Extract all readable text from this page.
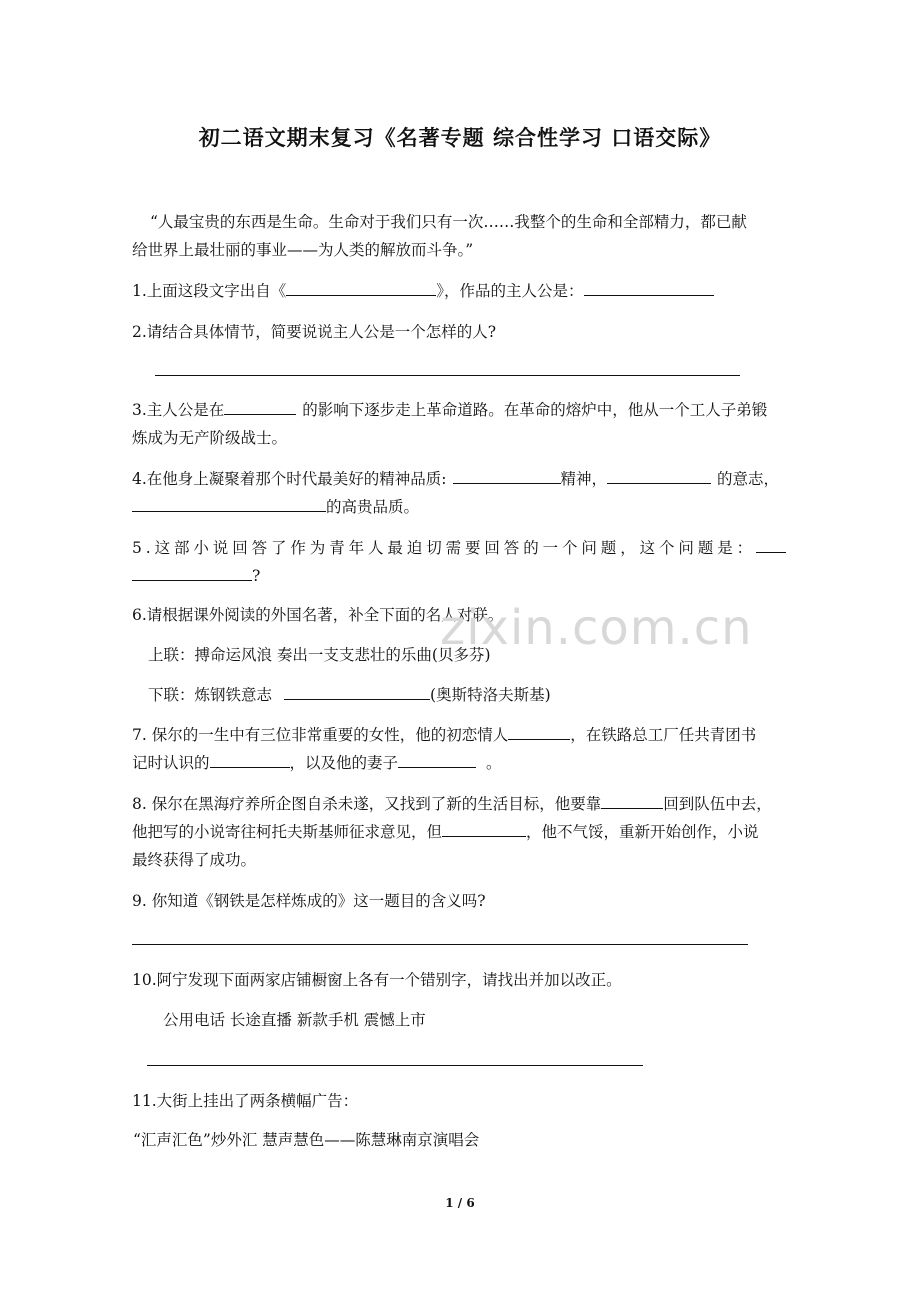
初二语文期末复习《名著专题 综合性学习 口语交际》
“人最宝贵的东西是生命。生命对于我们只有一次……我整个的生命和全部精力，都已献
给世界上最壮丽的事业——为人类的解放而斗争。”
1.上面这段文字出自《	》，作品的主人公是：
2.请结合具体情节，简要说说主人公是一个怎样的人?
3.主人公是在	的影响下逐步走上革命道路。在革命的熔炉中，他从一个工人子弟锻
炼成为无产阶级战士。
4.在他身上凝聚着那个时代最美好的精神品质:	精神，	的意志，
的高贵品质。
5.这部小说回答了作为青年人最迫切需要回答的一个问题，这个问题是：
?
6.请根据课外阅读的外国名著，补全下面的名人对联。
上联：搏命运风浪 奏出一支支悲壮的乐曲(贝多芬)
下联：炼钢铁意志	(奥斯特洛夫斯基)
7. 保尔的一生中有三位非常重要的女性，他的初恋情人	，在铁路总工厂任共青团书
记时认识的	，以及他的妻子	。
8. 保尔在黑海疗养所企图自杀未遂，又找到了新的生活目标，他要靠	回到队伍中去，
他把写的小说寄往柯托夫斯基师征求意见，但	，他不气馁，重新开始创作，小说
最终获得了成功。
9. 你知道《钢铁是怎样炼成的》这一题目的含义吗?
10.阿宁发现下面两家店铺橱窗上各有一个错别字，请找出并加以改正。
公用电话 长途直播 新款手机 震憾上市
11.大街上挂出了两条横幅广告：
“汇声汇色”炒外汇 慧声慧色——陈慧琳南京演唱会
zixin.com.cn
1 / 6
